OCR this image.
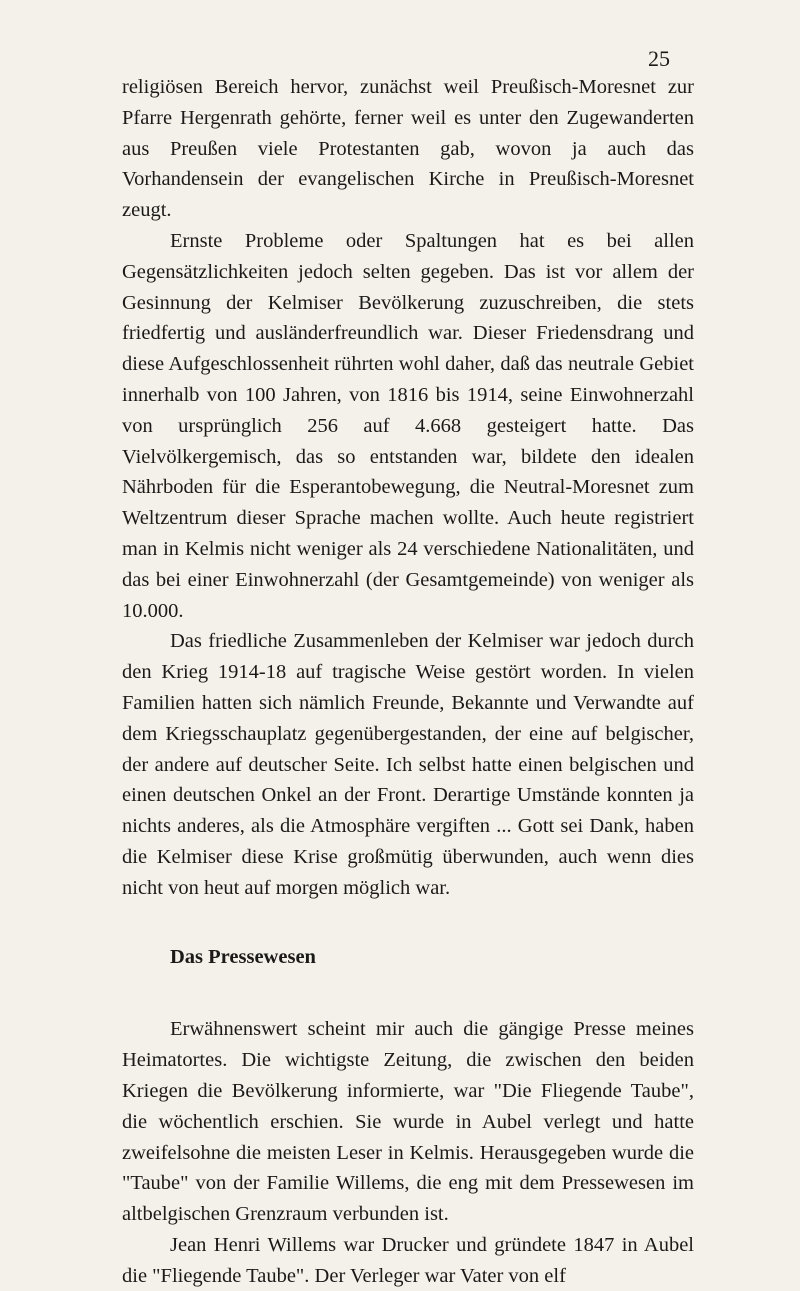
25

religiösen Bereich hervor, zunächst weil Preußisch-Moresnet zur Pfarre Hergenrath gehörte, ferner weil es unter den Zugewanderten aus Preußen viele Protestanten gab, wovon ja auch das Vorhandensein der evangelischen Kirche in Preußisch-Moresnet zeugt.

Ernste Probleme oder Spaltungen hat es bei allen Gegensätzlichkeiten jedoch selten gegeben. Das ist vor allem der Gesinnung der Kelmiser Bevölkerung zuzuschreiben, die stets friedfertig und ausländerfreundlich war. Dieser Friedensdrang und diese Aufgeschlossenheit rührten wohl daher, daß das neutrale Gebiet innerhalb von 100 Jahren, von 1816 bis 1914, seine Einwohnerzahl von ursprünglich 256 auf 4.668 gesteigert hatte. Das Vielvölkergemisch, das so entstanden war, bildete den idealen Nährboden für die Esperantobewegung, die Neutral-Moresnet zum Weltzentrum dieser Sprache machen wollte. Auch heute registriert man in Kelmis nicht weniger als 24 verschiedene Nationalitäten, und das bei einer Einwohnerzahl (der Gesamtgemeinde) von weniger als 10.000.

Das friedliche Zusammenleben der Kelmiser war jedoch durch den Krieg 1914-18 auf tragische Weise gestört worden. In vielen Familien hatten sich nämlich Freunde, Bekannte und Verwandte auf dem Kriegsschauplatz gegenübergestanden, der eine auf belgischer, der andere auf deutscher Seite. Ich selbst hatte einen belgischen und einen deutschen Onkel an der Front. Derartige Umstände konnten ja nichts anderes, als die Atmosphäre vergiften ... Gott sei Dank, haben die Kelmiser diese Krise großmütig überwunden, auch wenn dies nicht von heut auf morgen möglich war.

Das Pressewesen

Erwähnenswert scheint mir auch die gängige Presse meines Heimatortes. Die wichtigste Zeitung, die zwischen den beiden Kriegen die Bevölkerung informierte, war "Die Fliegende Taube", die wöchentlich erschien. Sie wurde in Aubel verlegt und hatte zweifelsohne die meisten Leser in Kelmis. Herausgegeben wurde die "Taube" von der Familie Willems, die eng mit dem Pressewesen im altbelgischen Grenzraum verbunden ist.

Jean Henri Willems war Drucker und gründete 1847 in Aubel die "Fliegende Taube". Der Verleger war Vater von elf
